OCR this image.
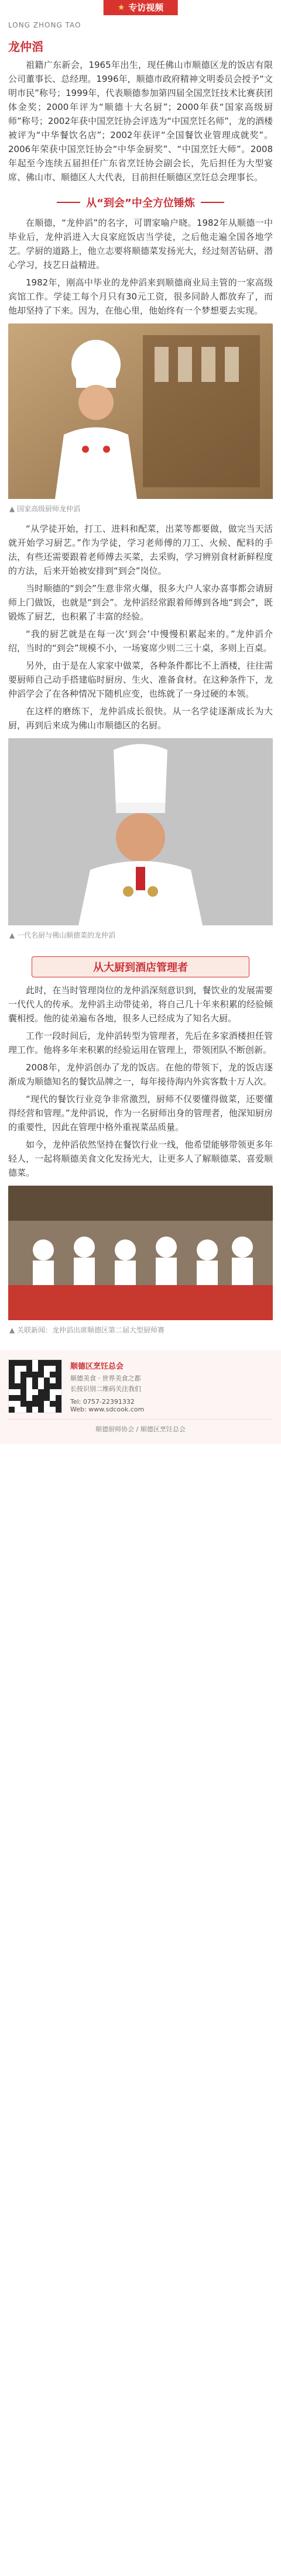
★ 专访视频
LONG ZHONG TAO
龙仲滔

祖籍广东新会，1965年出生，现任佛山市顺德区龙的饭店有限公司董事长、总经理。1996年，顺德市政府精神文明委员会授予“文明市民”称号；1999年，代表顺德参加第四届全国烹饪技术比赛获团体金奖；2000年评为“顺德十大名厨”；2000年获“国家高级厨师”称号；2002年获中国烹饪协会评选为“中国烹饪名师”，龙的酒楼被评为“中华餐饮名店”；2002年获评“全国餐饮业管理成就奖”。2006年荣获中国烹饪协会“中华金厨奖”、“中国烹饪大师”。2008年起至今连续五届担任广东省烹饪协会副会长，先后担任为大型宴席、佛山市、顺德区人大代表，目前担任顺德区烹饪总会理事长。

从“到会”中全方位锤炼

在顺德，“龙仲滔”的名字，可谓家喻户晓。1982年从顺德一中毕业后，龙仲滔进入大良家庭饭店当学徒，之后他走遍全国各地学艺。学厨的道路上，他立志要将顺德菜发扬光大，经过刻苦钻研、潜心学习，技艺日益精进。

1982年，刚高中毕业的龙仲滔来到顺德商业局主管的一家高级宾馆工作。学徒工每个月只有30元工资，很多同龄人都放弃了，而他却坚持了下来。因为，在他心里，他始终有一个梦想要去实现。

▲ 国家高级厨师龙仲滔

“从学徒开始，打工、进料和配菜，出菜等都要做，做完当天活就开始学习厨艺。”作为学徒，学习老师傅的刀工、火候、配料的手法，有些还需要跟着老师傅去买菜，去采购，学习辨别食材新鲜程度的方法，后来开始被安排到“到会”岗位。

当时顺德的“到会”生意非常火爆，很多大户人家办喜事都会请厨师上门做饭，也就是“到会”。龙仲滔经常跟着师傅到各地“到会”，既锻炼了厨艺，也积累了丰富的经验。

“我的厨艺就是在每一次‘到会’中慢慢积累起来的。”龙仲滔介绍，当时的“到会”规模不小，一场宴席少则二三十桌，多则上百桌。

另外，由于是在人家家中做菜，各种条件都比不上酒楼，往往需要厨师自己动手搭建临时厨房、生火、准备食材。在这种条件下，龙仲滔学会了在各种情况下随机应变，也练就了一身过硬的本领。

在这样的磨练下，龙仲滔成长很快。从一名学徒逐渐成长为大厨，再到后来成为佛山市顺德区的名厨。

▲ 一代名厨与佛山顺德菜的龙仲滔
从大厨到酒店管理者

此时，在当时管理岗位的龙仲滔深刻意识到，餐饮业的发展需要一代代人的传承。龙仲滔主动带徒弟，将自己几十年来积累的经验倾囊相授。他的徒弟遍布各地，很多人已经成为了知名大厨。

工作一段时间后，龙仲滔转型为管理者，先后在多家酒楼担任管理工作。他将多年来积累的经验运用在管理上，带领团队不断创新。

2008年，龙仲滔创办了龙的饭店。在他的带领下，龙的饭店逐渐成为顺德知名的餐饮品牌之一，每年接待海内外宾客数十万人次。

“现代的餐饮行业竞争非常激烈，厨师不仅要懂得做菜，还要懂得经营和管理。”龙仲滔说，作为一名厨师出身的管理者，他深知厨房的重要性，因此在管理中格外重视菜品质量。

如今，龙仲滔依然坚持在餐饮行业一线，他希望能够带领更多年轻人，一起将顺德美食文化发扬光大，让更多人了解顺德菜、喜爱顺德菜。

▲ 关联新闻：龙仲滔出席顺德区第二届大型厨师赛
顺德区烹饪总会
顺德美食 · 世界美食之都
长按识别二维码关注我们
Tel: 0757-22391332
Web: www.sdcook.com
顺德厨师协会 / 顺德区烹饪总会
